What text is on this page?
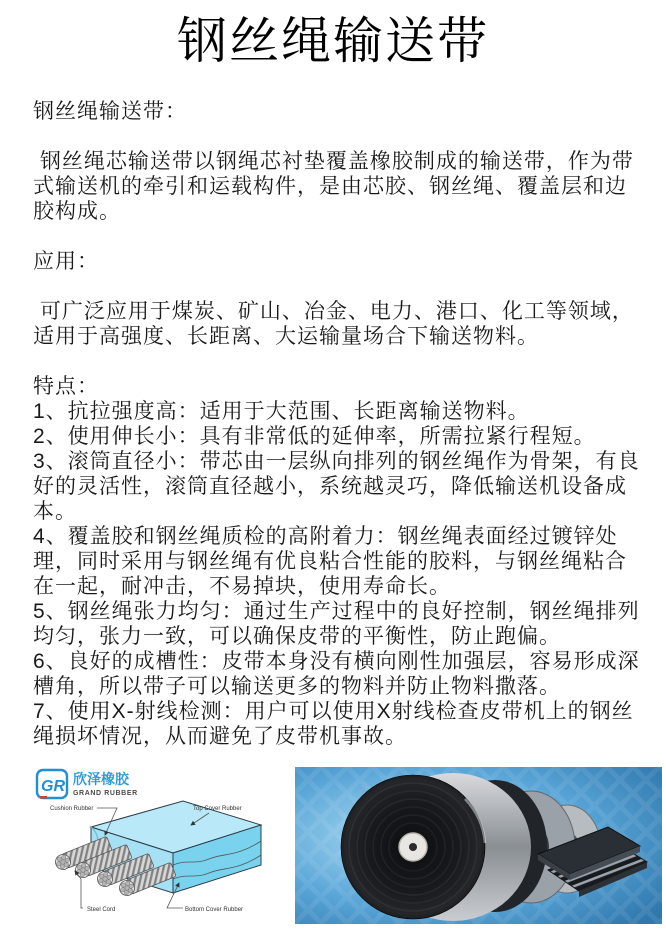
钢丝绳输送带

钢丝绳输送带：

钢丝绳芯输送带以钢绳芯衬垫覆盖橡胶制成的输送带，作为带式输送机的牵引和运载构件，是由芯胶、钢丝绳、覆盖层和边胶构成。

应用：

可广泛应用于煤炭、矿山、冶金、电力、港口、化工等领域，适用于高强度、长距离、大运输量场合下输送物料。

特点：

1、抗拉强度高：适用于大范围、长距离输送物料。

2、使用伸长小：具有非常低的延伸率，所需拉紧行程短。

3、滚筒直径小：带芯由一层纵向排列的钢丝绳作为骨架，有良好的灵活性，滚筒直径越小，系统越灵巧，降低输送机设备成本。

4、覆盖胶和钢丝绳质检的高附着力：钢丝绳表面经过镀锌处理，同时采用与钢丝绳有优良粘合性能的胶料，与钢丝绳粘合在一起，耐冲击，不易掉块，使用寿命长。

5、钢丝绳张力均匀：通过生产过程中的良好控制，钢丝绳排列均匀，张力一致，可以确保皮带的平衡性，防止跑偏。

6、良好的成槽性：皮带本身没有横向刚性加强层，容易形成深槽角，所以带子可以输送更多的物料并防止物料撒落。

7、使用X-射线检测：用户可以使用X射线检查皮带机上的钢丝绳损坏情况，从而避免了皮带机事故。

GR 欣泽橡胶
GRAND RUBBER
Cushion Rubber	Top Cover Rubber
Steel Cord	Bottom Cover Rubber
